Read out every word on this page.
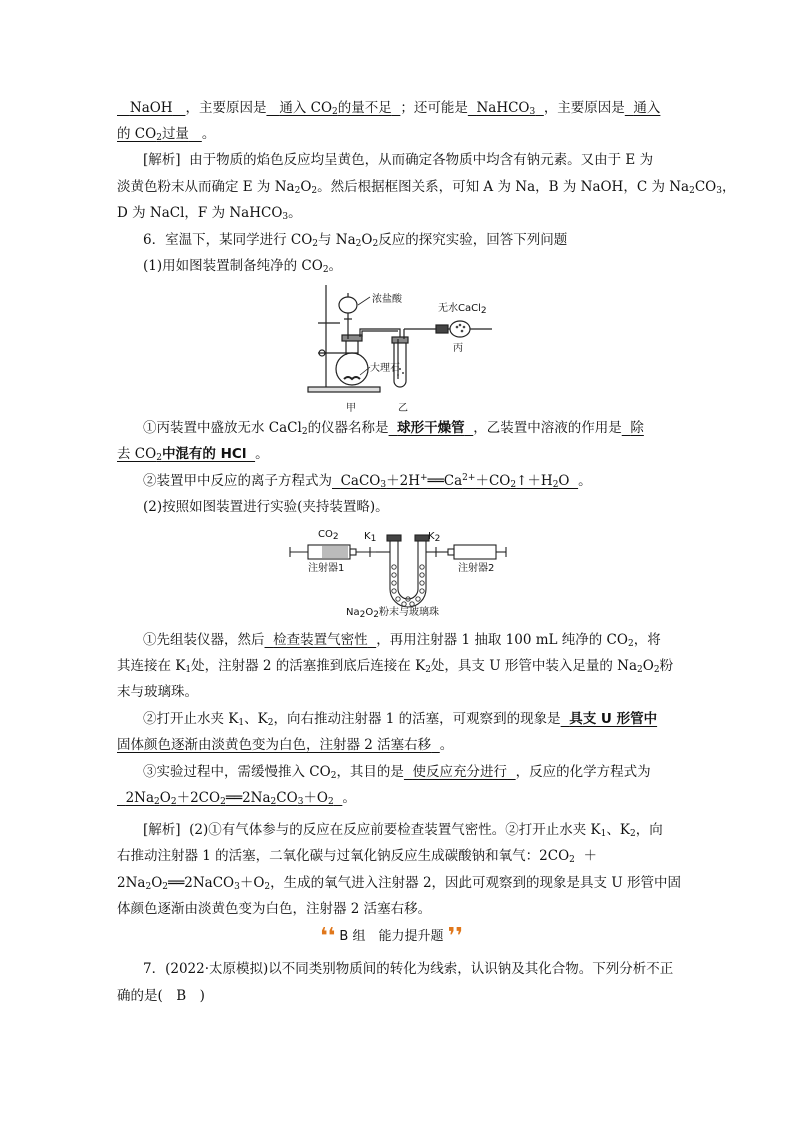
NaOH ，主要原因是 通入 $CO_2$的量不足 ；还可能是 NaHCO$_3$ ，主要原因是 通入
的 $CO_2$过量 。
[解析] 由于物质的焰色反应均呈黄色，从而确定各物质中均含有钠元素。又由于 E 为
淡黄色粉末从而确定 E 为 $Na_2O_2$。然后根据框图关系，可知 A 为 Na，B 为 NaOH，C 为 $Na_2CO_3$，
D 为 NaCl，F 为 NaHCO$_3$。
6．室温下，某同学进行 $CO_2$与 $Na_2O_2$反应的探究实验，回答下列问题
(1)用如图装置制备纯净的 $CO_2$。
浓盐酸
无水CaCl$_2$
大理石
甲	乙
丙
①丙装置中盛放无水 CaCl$_2$的仪器名称是 球形干燥管 ，乙装置中溶液的作用是 除
去 $CO_2$中混有的 HCl 。
②装置甲中反应的离子方程式为 $CaCO_3+2H^+══Ca^{2+}+CO_2↑+H_2O$ 。
(2)按照如图装置进行实验(夹持装置略)。
$CO_2$	$K_1$	$K_2$
注射器1	注射器2
$Na_2O_2$粉末与玻璃珠
①先组装仪器，然后 检查装置气密性 ，再用注射器 1 抽取 100 mL 纯净的 $CO_2$，将
其连接在 $K_1$处，注射器 2 的活塞推到底后连接在 $K_2$处，具支 U 形管中装入足量的 $Na_2O_2$粉
末与玻璃珠。
②打开止水夹 $K_1$、$K_2$，向右推动注射器 1 的活塞，可观察到的现象是 具支 U 形管中
固体颜色逐渐由淡黄色变为白色，注射器 2 活塞右移 。
③实验过程中，需缓慢推入 $CO_2$，其目的是 使反应充分进行 ，反应的化学方程式为
$2Na_2O_2+2CO_2══2Na_2CO_3+O_2$ 。
[解析] (2)①有气体参与的反应在反应前要检查装置气密性。②打开止水夹 $K_1$、$K_2$，向
右推动注射器 1 的活塞，二氧化碳与过氧化钠反应生成碳酸钠和氧气：$2CO_2$ ＋
$2Na_2O_2══2NaCO_3+O_2$，生成的氧气进入注射器 2，因此可观察到的现象是具支 U 形管中固
体颜色逐渐由淡黄色变为白色，注射器 2 活塞右移。
❛❛ B 组　能力提升题 ❜❜
7．(2022·太原模拟)以不同类别物质间的转化为线索，认识钠及其化合物。下列分析不正
确的是(　B　)
